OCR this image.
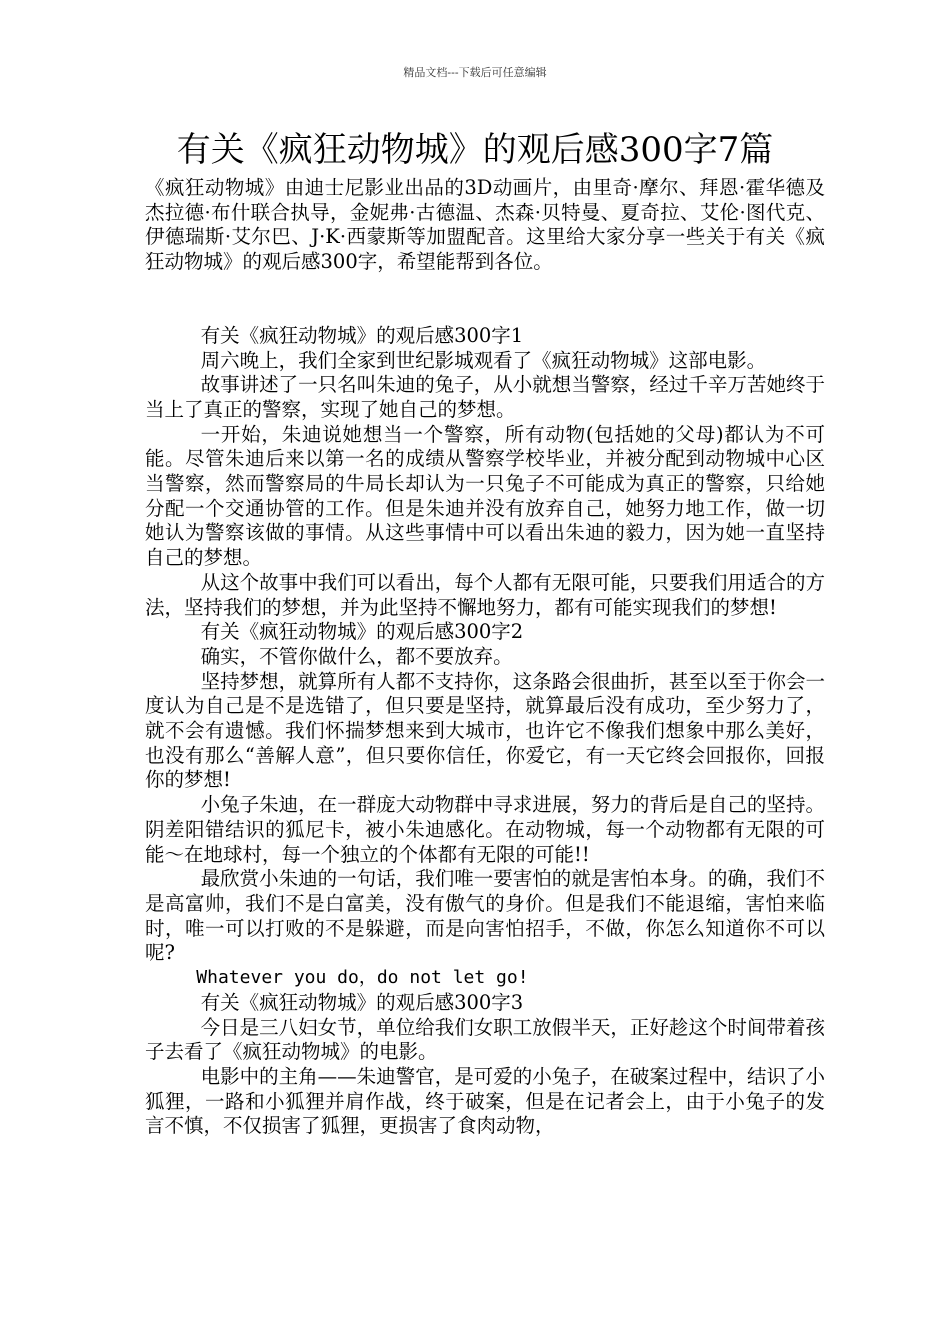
精品文档---下载后可任意编辑
有关《疯狂动物城》的观后感300字7篇

《疯狂动物城》由迪士尼影业出品的3D动画片，由里奇·摩尔、拜恩·霍华德及杰拉德·布什联合执导，金妮弗·古德温、杰森·贝特曼、夏奇拉、艾伦·图代克、伊德瑞斯·艾尔巴、J·K·西蒙斯等加盟配音。这里给大家分享一些关于有关《疯狂动物城》的观后感300字，希望能帮到各位。

有关《疯狂动物城》的观后感300字1

周六晚上，我们全家到世纪影城观看了《疯狂动物城》这部电影。

故事讲述了一只名叫朱迪的兔子，从小就想当警察，经过千辛万苦她终于当上了真正的警察，实现了她自己的梦想。

一开始，朱迪说她想当一个警察，所有动物(包括她的父母)都认为不可能。尽管朱迪后来以第一名的成绩从警察学校毕业，并被分配到动物城中心区当警察，然而警察局的牛局长却认为一只兔子不可能成为真正的警察，只给她分配一个交通协管的工作。但是朱迪并没有放弃自己，她努力地工作，做一切她认为警察该做的事情。从这些事情中可以看出朱迪的毅力，因为她一直坚持自己的梦想。

从这个故事中我们可以看出，每个人都有无限可能，只要我们用适合的方法，坚持我们的梦想，并为此坚持不懈地努力，都有可能实现我们的梦想!

有关《疯狂动物城》的观后感300字2

确实，不管你做什么，都不要放弃。

坚持梦想，就算所有人都不支持你，这条路会很曲折，甚至以至于你会一度认为自己是不是选错了，但只要是坚持，就算最后没有成功，至少努力了，就不会有遗憾。我们怀揣梦想来到大城市，也许它不像我们想象中那么美好，也没有那么“善解人意”，但只要你信任，你爱它，有一天它终会回报你，回报你的梦想!

小兔子朱迪，在一群庞大动物群中寻求进展，努力的背后是自己的坚持。阴差阳错结识的狐尼卡，被小朱迪感化。在动物城，每一个动物都有无限的可能～在地球村，每一个独立的个体都有无限的可能!!

最欣赏小朱迪的一句话，我们唯一要害怕的就是害怕本身。的确，我们不是高富帅，我们不是白富美，没有傲气的身价。但是我们不能退缩，害怕来临时，唯一可以打败的不是躲避，而是向害怕招手，不做，你怎么知道你不可以呢?

Whatever you do，do not let go!

有关《疯狂动物城》的观后感300字3

今日是三八妇女节，单位给我们女职工放假半天，正好趁这个时间带着孩子去看了《疯狂动物城》的电影。

电影中的主角——朱迪警官，是可爱的小兔子，在破案过程中，结识了小狐狸，一路和小狐狸并肩作战，终于破案，但是在记者会上，由于小兔子的发言不慎，不仅损害了狐狸，更损害了食肉动物，
